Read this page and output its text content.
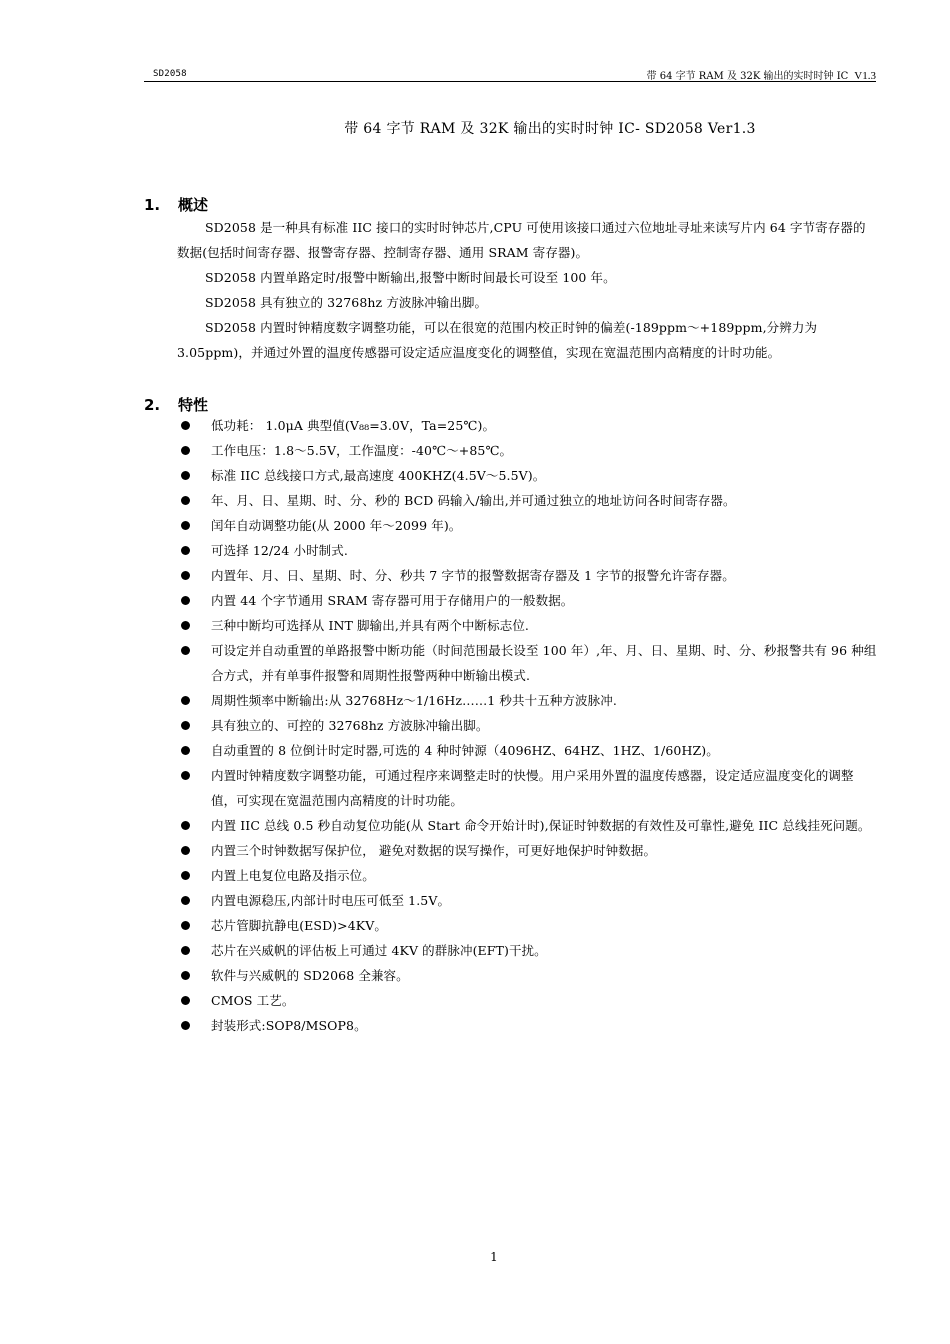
SD2058	带 64 字节 RAM 及 32K 输出的实时时钟 IC V1.3
带 64 字节 RAM 及 32K 输出的实时时钟 IC- SD2058 Ver1.3
1. 概述
SD2058 是一种具有标准 IIC 接口的实时时钟芯片,CPU 可使用该接口通过六位地址寻址来读写片内 64 字节寄存器的数据(包括时间寄存器、报警寄存器、控制寄存器、通用 SRAM 寄存器)。
SD2058 内置单路定时/报警中断输出,报警中断时间最长可设至 100 年。
SD2058 具有独立的 32768hz 方波脉冲输出脚。
SD2058 内置时钟精度数字调整功能，可以在很宽的范围内校正时钟的偏差(-189ppm～+189ppm,分辨力为 3.05ppm)，并通过外置的温度传感器可设定适应温度变化的调整值，实现在宽温范围内高精度的计时功能。
2. 特性
低功耗： 1.0μA 典型值(V₈₈=3.0V，Ta=25℃)。
工作电压：1.8～5.5V，工作温度：-40℃～+85℃。
标准 IIC 总线接口方式,最高速度 400KHZ(4.5V～5.5V)。
年、月、日、星期、时、分、秒的 BCD 码输入/输出,并可通过独立的地址访问各时间寄存器。
闰年自动调整功能(从 2000 年～2099 年)。
可选择 12/24 小时制式.
内置年、月、日、星期、时、分、秒共 7 字节的报警数据寄存器及 1 字节的报警允许寄存器。
内置 44 个字节通用 SRAM 寄存器可用于存储用户的一般数据。
三种中断均可选择从 INT 脚输出,并具有两个中断标志位.
可设定并自动重置的单路报警中断功能（时间范围最长设至 100 年）,年、月、日、星期、时、分、秒报警共有 96 种组合方式，并有单事件报警和周期性报警两种中断输出模式.
周期性频率中断输出:从 32768Hz～1/16Hz……1 秒共十五种方波脉冲.
具有独立的、可控的 32768hz 方波脉冲输出脚。
自动重置的 8 位倒计时定时器,可选的 4 种时钟源（4096HZ、64HZ、1HZ、1/60HZ)。
内置时钟精度数字调整功能，可通过程序来调整走时的快慢。用户采用外置的温度传感器，设定适应温度变化的调整值，可实现在宽温范围内高精度的计时功能。
内置 IIC 总线 0.5 秒自动复位功能(从 Start 命令开始计时),保证时钟数据的有效性及可靠性,避免 IIC 总线挂死问题。
内置三个时钟数据写保护位， 避免对数据的误写操作，可更好地保护时钟数据。
内置上电复位电路及指示位。
内置电源稳压,内部计时电压可低至 1.5V。
芯片管脚抗静电(ESD)>4KV。
芯片在兴威帆的评估板上可通过 4KV 的群脉冲(EFT)干扰。
软件与兴威帆的 SD2068 全兼容。
CMOS 工艺。
封装形式:SOP8/MSOP8。
1
